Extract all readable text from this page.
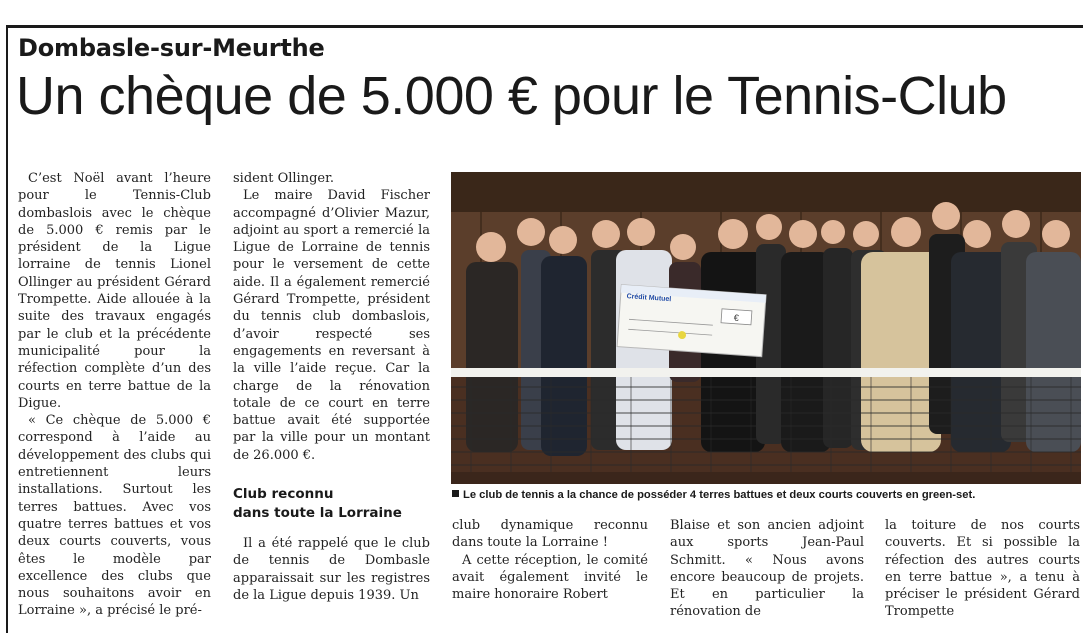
Dombasle-sur-Meurthe
Un chèque de 5.000 € pour le Tennis-Club

C’est Noël avant l’heure pour le Tennis-Club dombaslois avec le chèque de 5.000 € remis par le président de la Ligue lorraine de tennis Lionel Ollinger au président Gérard Trompette. Aide allouée à la suite des travaux engagés par le club et la précédente municipalité pour la réfection complète d’un des courts en terre battue de la Digue.

« Ce chèque de 5.000 € correspond à l’aide au développement des clubs qui entretiennent leurs installations. Surtout les terres battues. Avec vos quatre terres battues et vos deux courts couverts, vous êtes le modèle par excellence des clubs que nous souhaitons avoir en Lorraine », a précisé le pré-

sident Ollinger.

Le maire David Fischer accompagné d’Olivier Mazur, adjoint au sport a remercié la Ligue de Lorraine de tennis pour le versement de cette aide. Il a également remercié Gérard Trompette, président du tennis club dombaslois, d’avoir respecté ses engagements en reversant à la ville l’aide reçue. Car la charge de la rénovation totale de ce court en terre battue avait été supportée par la ville pour un montant de 26.000 €.

Club reconnu
dans toute la Lorraine

Il a été rappelé que le club de tennis de Dombasle apparaissait sur les registres de la Ligue depuis 1939. Un

Crédit Mutuel
€

Le club de tennis a la chance de posséder 4 terres battues et deux courts couverts en green-set.

club dynamique reconnu dans toute la Lorraine !

A cette réception, le comité avait également invité le maire honoraire Robert

Blaise et son ancien adjoint aux sports Jean-Paul Schmitt. « Nous avons encore beaucoup de projets. Et en particulier la rénovation de

la toiture de nos courts couverts. Et si possible la réfection des autres courts en terre battue », a tenu à préciser le président Gérard Trompette
